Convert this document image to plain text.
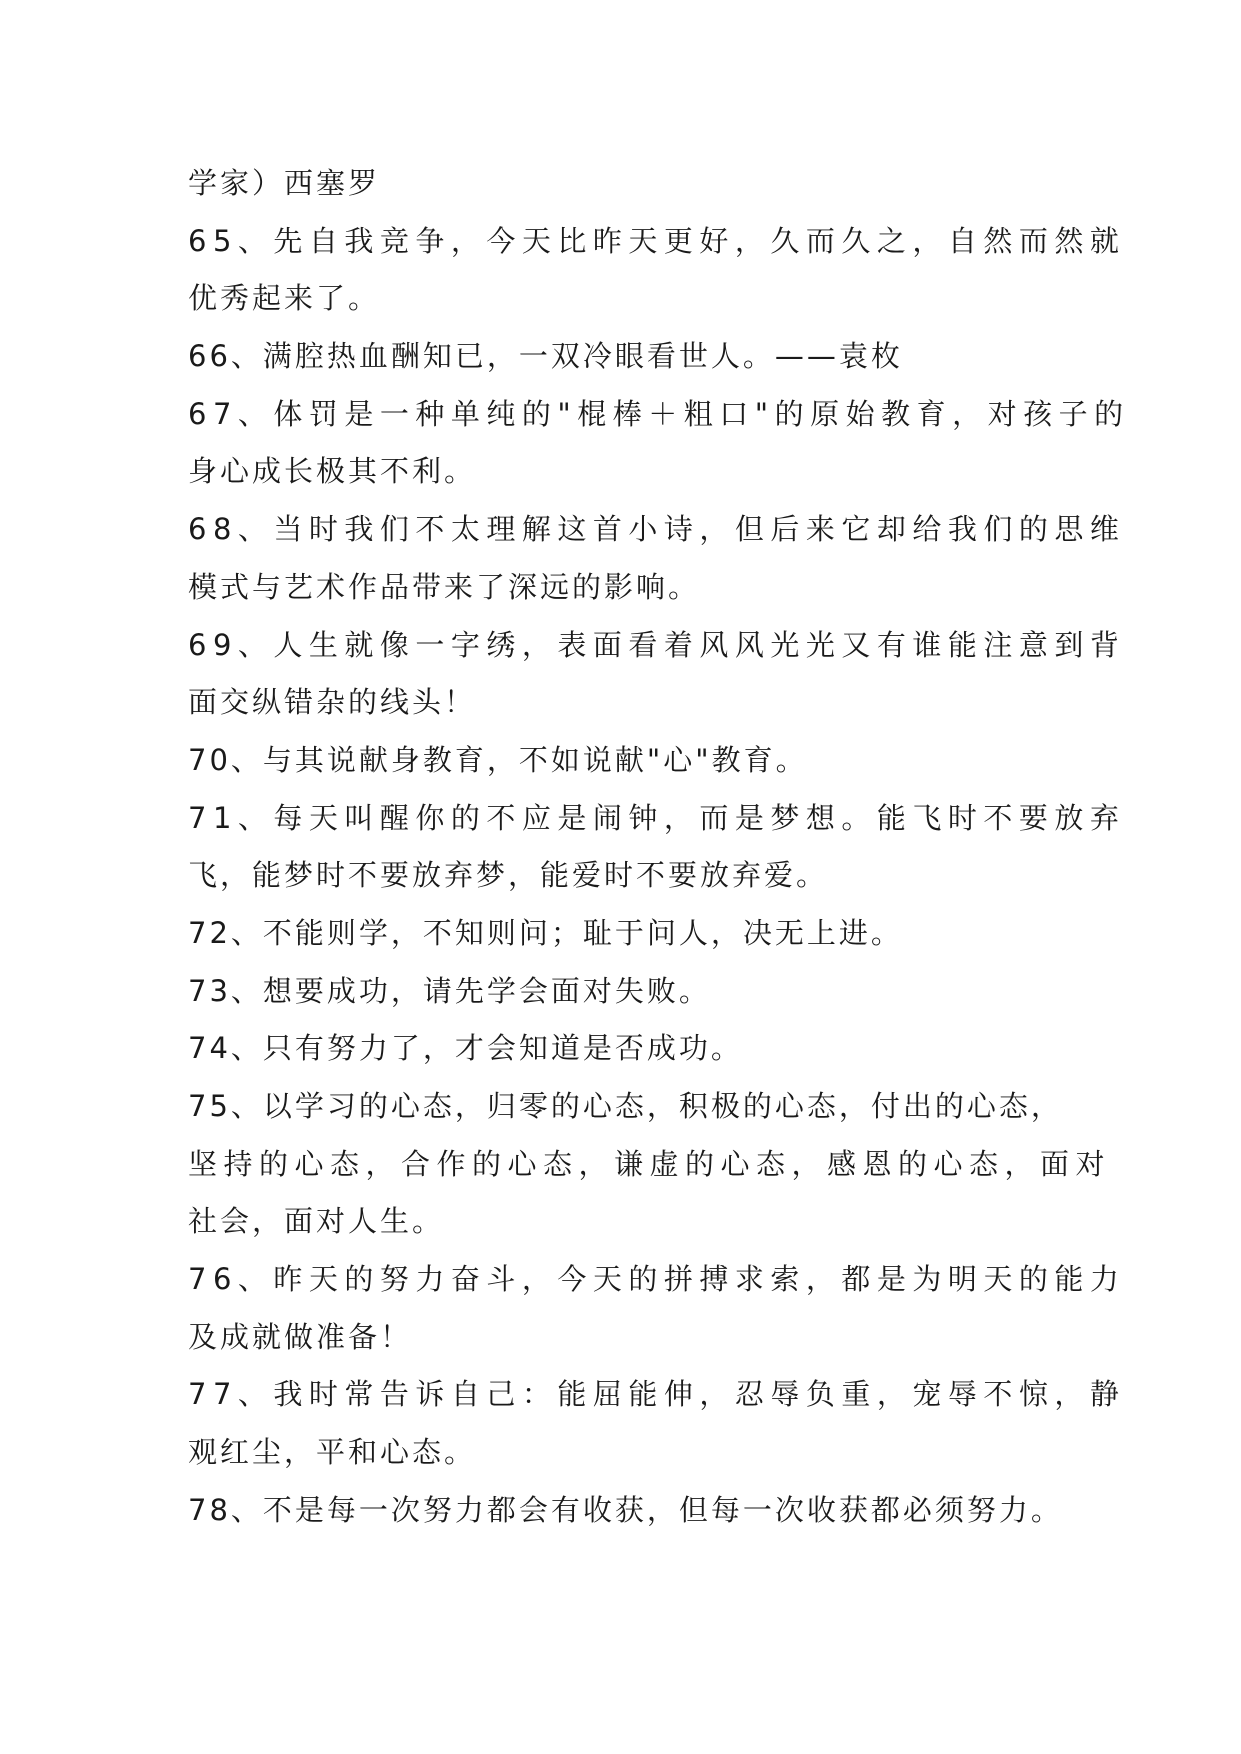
学家）西塞罗
65、先自我竞争，今天比昨天更好，久而久之，自然而然就
优秀起来了。
66、满腔热血酬知已，一双冷眼看世人。——袁枚
67、体罚是一种单纯的"棍棒＋粗口"的原始教育，对孩子的
身心成长极其不利。
68、当时我们不太理解这首小诗，但后来它却给我们的思维
模式与艺术作品带来了深远的影响。
69、人生就像一字绣，表面看着风风光光又有谁能注意到背
面交纵错杂的线头！
70、与其说献身教育，不如说献"心"教育。
71、每天叫醒你的不应是闹钟，而是梦想。能飞时不要放弃
飞，能梦时不要放弃梦，能爱时不要放弃爱。
72、不能则学，不知则问；耻于问人，决无上进。
73、想要成功，请先学会面对失败。
74、只有努力了，才会知道是否成功。
75、以学习的心态，归零的心态，积极的心态，付出的心态，
坚持的心态，合作的心态，谦虚的心态，感恩的心态，面对
社会，面对人生。
76、昨天的努力奋斗，今天的拼搏求索，都是为明天的能力
及成就做准备！
77、我时常告诉自己：能屈能伸，忍辱负重，宠辱不惊，静
观红尘，平和心态。
78、不是每一次努力都会有收获，但每一次收获都必须努力。
